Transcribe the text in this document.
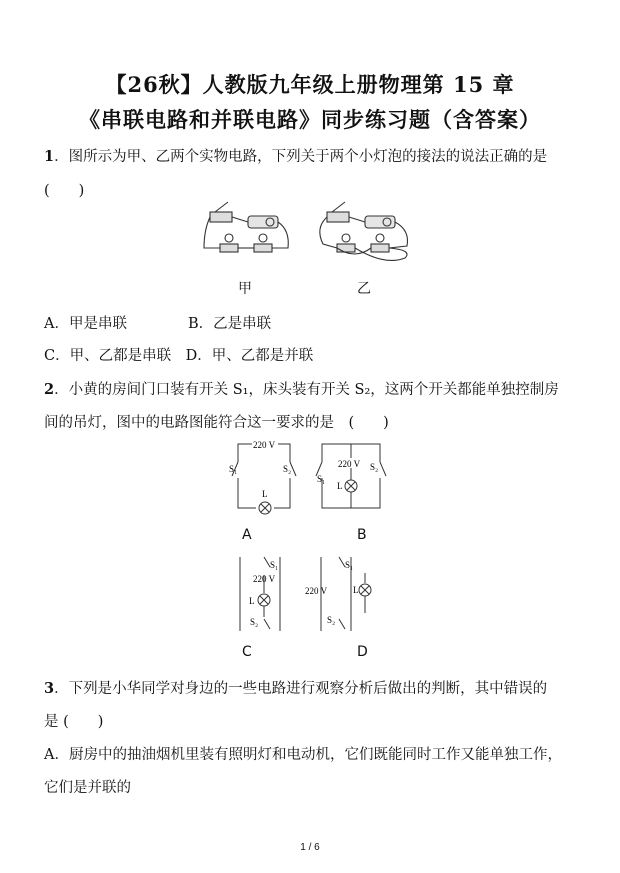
【26秋】人教版九年级上册物理第 15 章
《串联电路和并联电路》同步练习题（含答案）
1．图所示为甲、乙两个实物电路，下列关于两个小灯泡的接法的说法正确的是
(　　)
甲	乙
A．甲是串联	B．乙是串联
C．甲、乙都是串联　D．甲、乙都是并联
2．小黄的房间门口装有开关 S₁，床头装有开关 S₂，这两个开关都能单独控制房
间的吊灯，图中的电路图能符合这一要求的是　(　　)
220 V
S₁	S₂
L
A
220 V
S₁
S₂
L
B
S₁
220 V
L
S₂
C
S₁
220 V	L
S₂
D
3．下列是小华同学对身边的一些电路进行观察分析后做出的判断，其中错误的
是 (　　)
A．厨房中的抽油烟机里装有照明灯和电动机，它们既能同时工作又能单独工作，
它们是并联的
1 / 6
